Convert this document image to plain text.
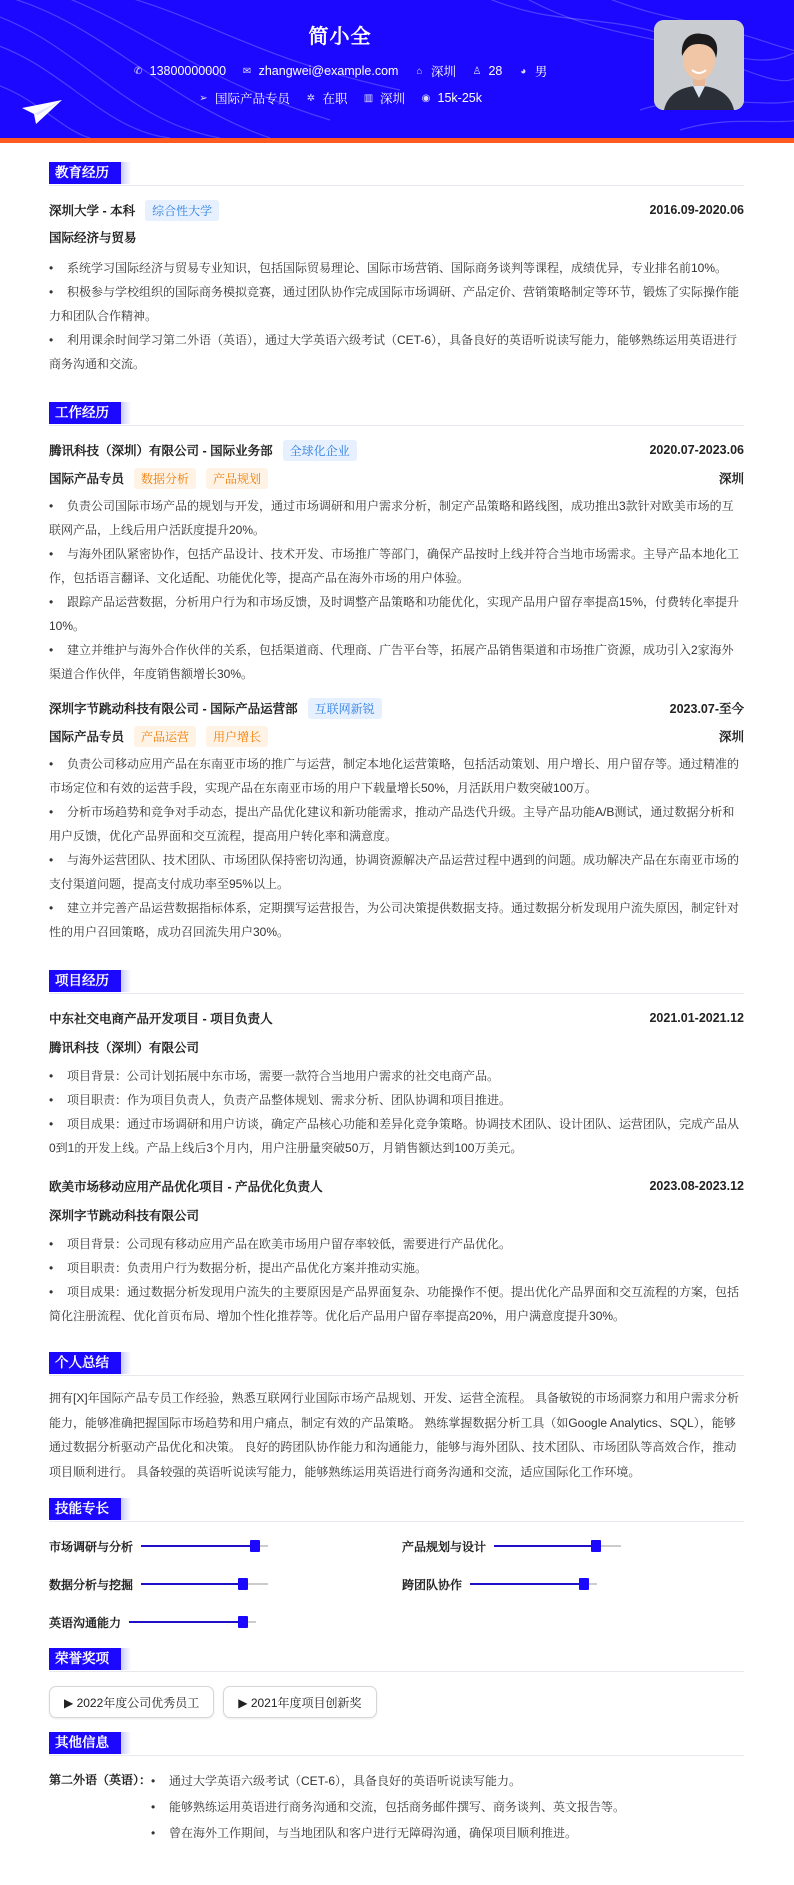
简小全
✆ 13800000000
✉ zhangwei@example.com
⌂ 深圳
♙ 28
◕ 男
➢ 国际产品专员
✲ 在职
▥ 深圳
◉ 15k-25k
教育经历
深圳大学 - 本科	综合性大学	2016.09-2020.06
国际经济与贸易
• 系统学习国际经济与贸易专业知识，包括国际贸易理论、国际市场营销、国际商务谈判等课程，成绩优异，专业排名前10%。
• 积极参与学校组织的国际商务模拟竞赛，通过团队协作完成国际市场调研、产品定价、营销策略制定等环节，锻炼了实际操作能力和团队合作精神。
• 利用课余时间学习第二外语（英语），通过大学英语六级考试（CET-6），具备良好的英语听说读写能力，能够熟练运用英语进行商务沟通和交流。
工作经历
腾讯科技（深圳）有限公司 - 国际业务部	全球化企业	2020.07-2023.06
国际产品专员	数据分析	产品规划	深圳
• 负责公司国际市场产品的规划与开发，通过市场调研和用户需求分析，制定产品策略和路线图，成功推出3款针对欧美市场的互联网产品，上线后用户活跃度提升20%。
• 与海外团队紧密协作，包括产品设计、技术开发、市场推广等部门，确保产品按时上线并符合当地市场需求。主导产品本地化工作，包括语言翻译、文化适配、功能优化等，提高产品在海外市场的用户体验。
• 跟踪产品运营数据，分析用户行为和市场反馈，及时调整产品策略和功能优化，实现产品用户留存率提高15%，付费转化率提升10%。
• 建立并维护与海外合作伙伴的关系，包括渠道商、代理商、广告平台等，拓展产品销售渠道和市场推广资源，成功引入2家海外渠道合作伙伴，年度销售额增长30%。
深圳字节跳动科技有限公司 - 国际产品运营部	互联网新锐	2023.07-至今
国际产品专员	产品运营	用户增长	深圳
• 负责公司移动应用产品在东南亚市场的推广与运营，制定本地化运营策略，包括活动策划、用户增长、用户留存等。通过精准的市场定位和有效的运营手段，实现产品在东南亚市场的用户下载量增长50%，月活跃用户数突破100万。
• 分析市场趋势和竞争对手动态，提出产品优化建议和新功能需求，推动产品迭代升级。主导产品功能A/B测试，通过数据分析和用户反馈，优化产品界面和交互流程，提高用户转化率和满意度。
• 与海外运营团队、技术团队、市场团队保持密切沟通，协调资源解决产品运营过程中遇到的问题。成功解决产品在东南亚市场的支付渠道问题，提高支付成功率至95%以上。
• 建立并完善产品运营数据指标体系，定期撰写运营报告，为公司决策提供数据支持。通过数据分析发现用户流失原因，制定针对性的用户召回策略，成功召回流失用户30%。
项目经历
中东社交电商产品开发项目 - 项目负责人	2021.01-2021.12
腾讯科技（深圳）有限公司
• 项目背景：公司计划拓展中东市场，需要一款符合当地用户需求的社交电商产品。
• 项目职责：作为项目负责人，负责产品整体规划、需求分析、团队协调和项目推进。
• 项目成果：通过市场调研和用户访谈，确定产品核心功能和差异化竞争策略。协调技术团队、设计团队、运营团队，完成产品从0到1的开发上线。产品上线后3个月内，用户注册量突破50万，月销售额达到100万美元。
欧美市场移动应用产品优化项目 - 产品优化负责人	2023.08-2023.12
深圳字节跳动科技有限公司
• 项目背景：公司现有移动应用产品在欧美市场用户留存率较低，需要进行产品优化。
• 项目职责：负责用户行为数据分析，提出产品优化方案并推动实施。
• 项目成果：通过数据分析发现用户流失的主要原因是产品界面复杂、功能操作不便。提出优化产品界面和交互流程的方案，包括简化注册流程、优化首页布局、增加个性化推荐等。优化后产品用户留存率提高20%，用户满意度提升30%。
个人总结
拥有[X]年国际产品专员工作经验，熟悉互联网行业国际市场产品规划、开发、运营全流程。 具备敏锐的市场洞察力和用户需求分析能力，能够准确把握国际市场趋势和用户痛点，制定有效的产品策略。 熟练掌握数据分析工具（如Google Analytics、SQL），能够通过数据分析驱动产品优化和决策。 良好的跨团队协作能力和沟通能力，能够与海外团队、技术团队、市场团队等高效合作，推动项目顺利进行。 具备较强的英语听说读写能力，能够熟练运用英语进行商务沟通和交流，适应国际化工作环境。
技能专长
市场调研与分析	产品规划与设计
数据分析与挖掘	跨团队协作
英语沟通能力
荣誉奖项
▶ 2022年度公司优秀员工	▶ 2021年度项目创新奖
其他信息
第二外语（英语）：	• 通过大学英语六级考试（CET-6），具备良好的英语听说读写能力。
• 能够熟练运用英语进行商务沟通和交流，包括商务邮件撰写、商务谈判、英文报告等。
• 曾在海外工作期间，与当地团队和客户进行无障碍沟通，确保项目顺利推进。
